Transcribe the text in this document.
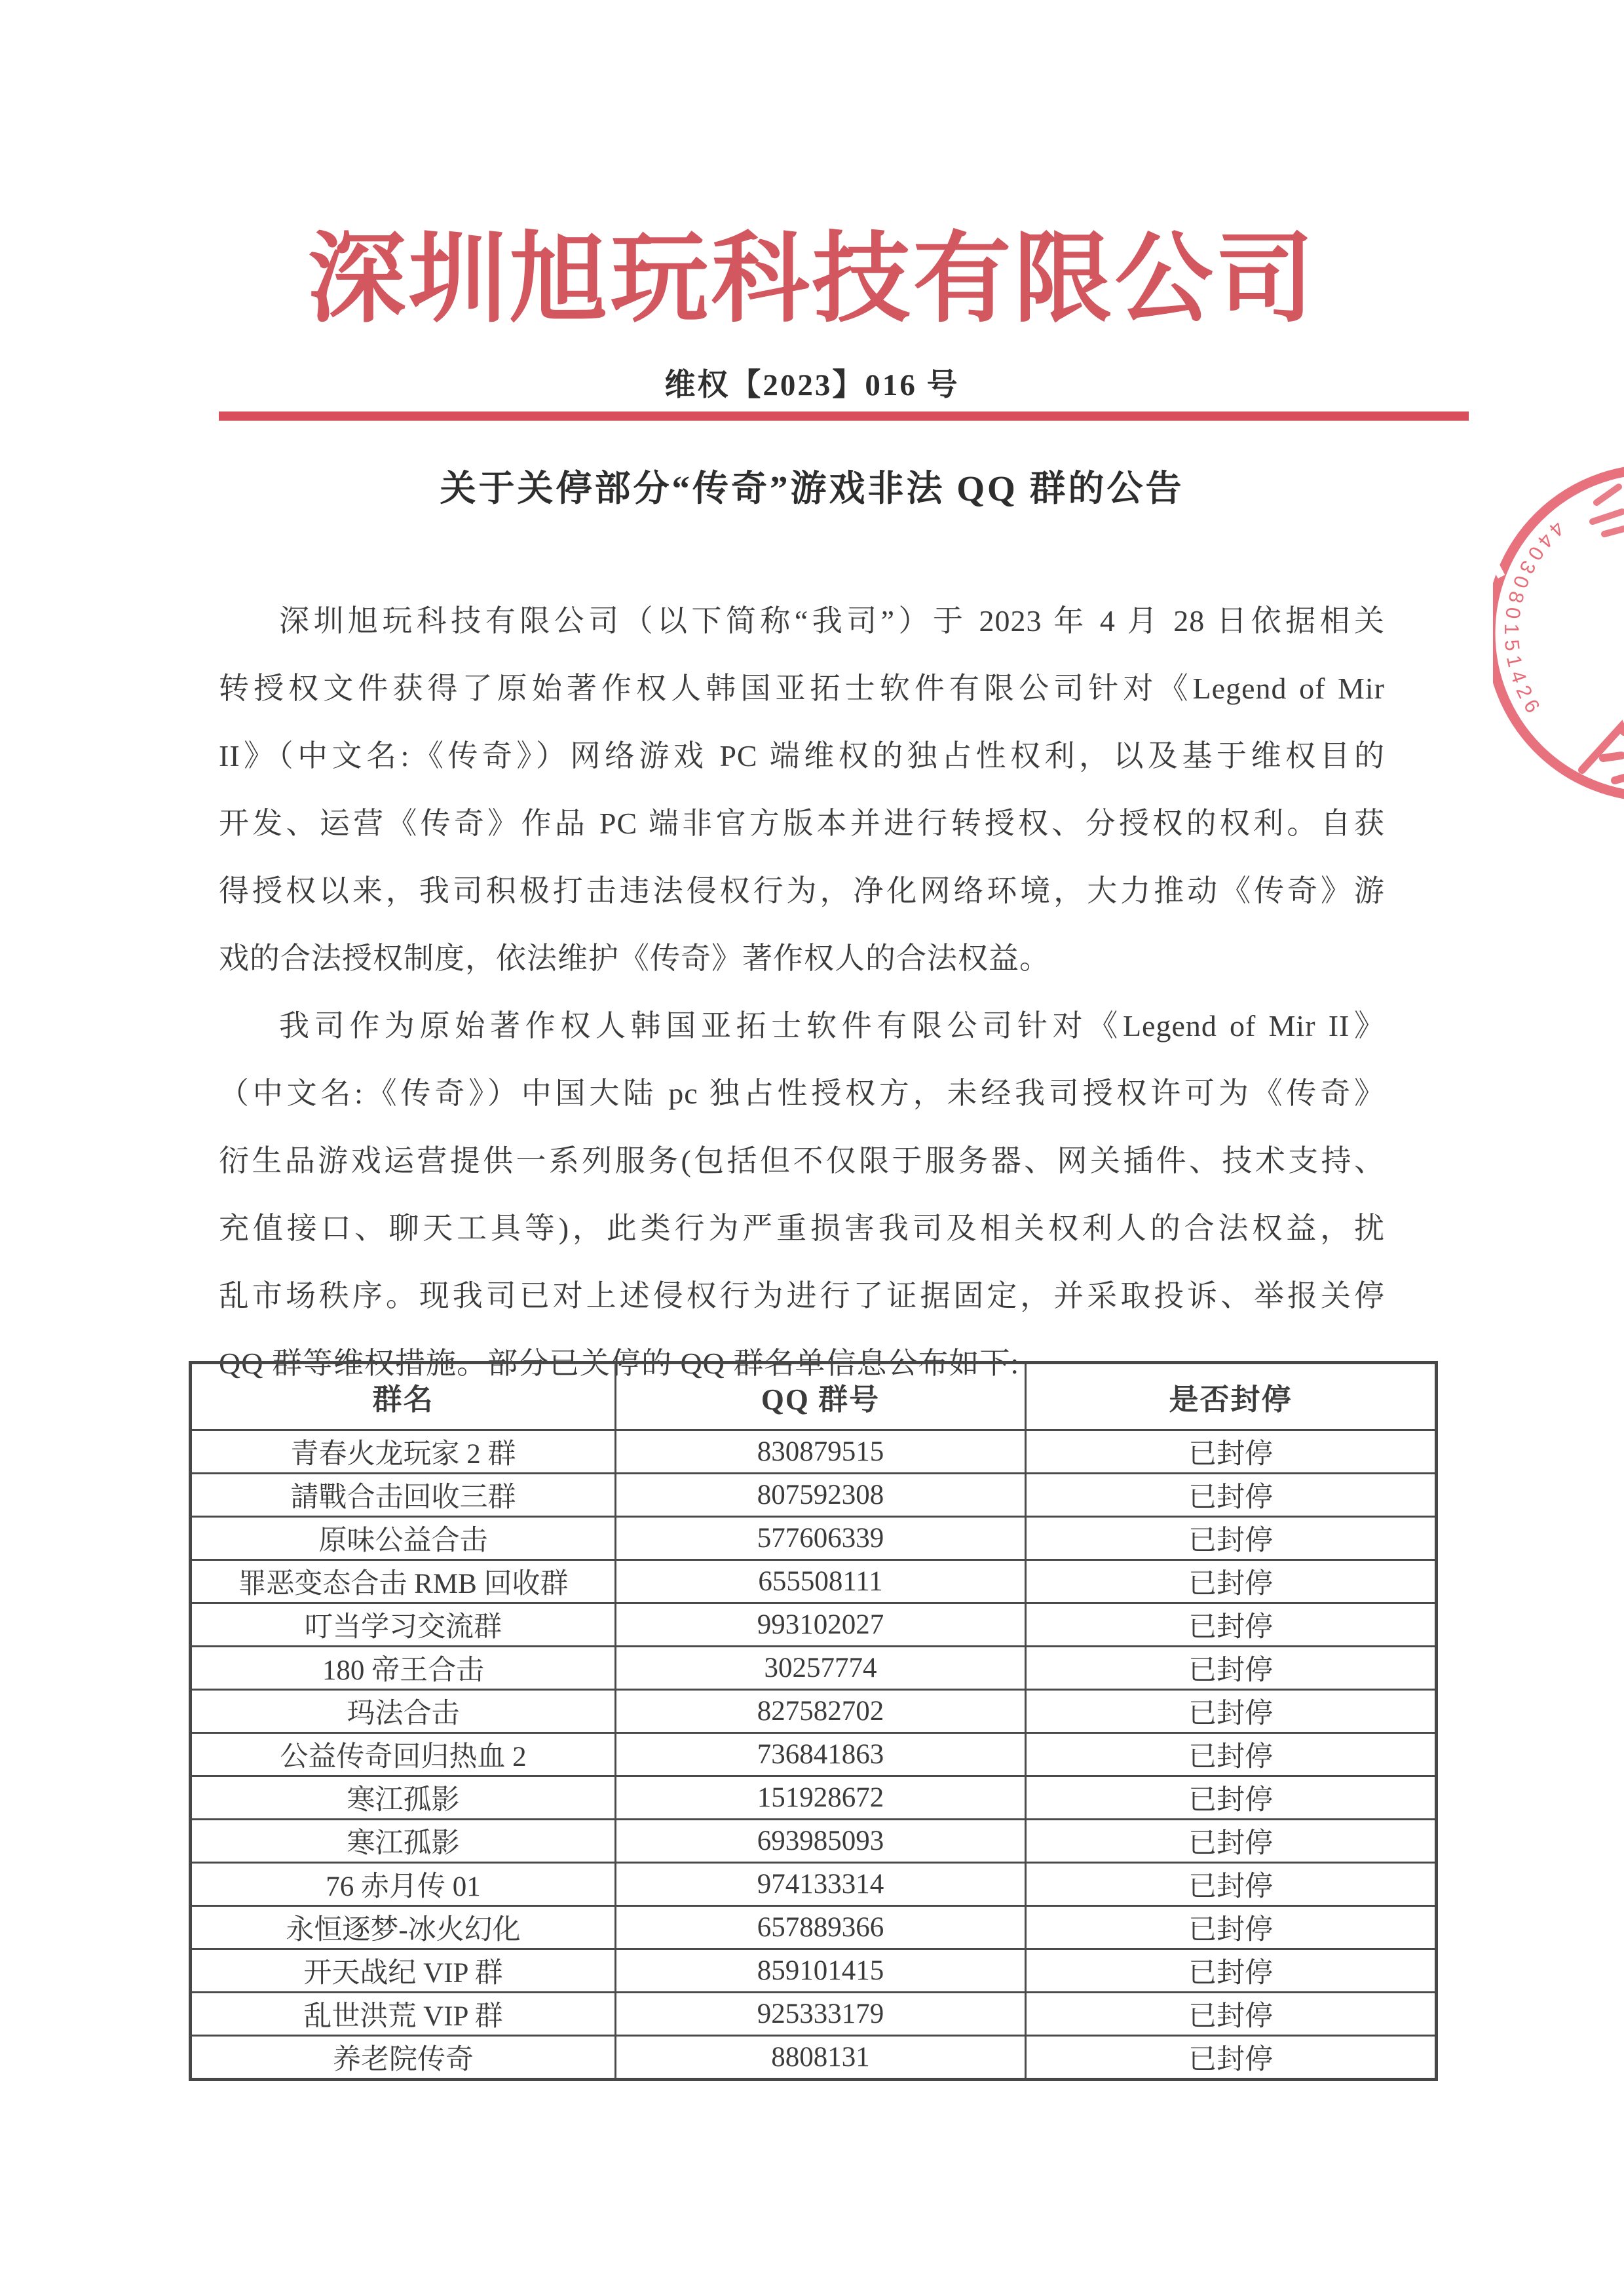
深圳旭玩科技有限公司
维权【2023】016 号
关于关停部分“传奇”游戏非法 QQ 群的公告
深圳旭玩科技有限公司（以下简称“我司”）于 2023 年 4 月 28 日依据相关
转授权文件获得了原始著作权人韩国亚拓士软件有限公司针对《Legend of Mir
II》（中文名:《传奇》）网络游戏 PC 端维权的独占性权利，以及基于维权目的
开发、运营《传奇》作品 PC 端非官方版本并进行转授权、分授权的权利。自获
得授权以来，我司积极打击违法侵权行为，净化网络环境，大力推动《传奇》游
戏的合法授权制度，依法维护《传奇》著作权人的合法权益。
我司作为原始著作权人韩国亚拓士软件有限公司针对《Legend of Mir II》
（中文名:《传奇》）中国大陆 pc 独占性授权方，未经我司授权许可为《传奇》
衍生品游戏运营提供一系列服务(包括但不仅限于服务器、网关插件、技术支持、
充值接口、聊天工具等)，此类行为严重损害我司及相关权利人的合法权益，扰
乱市场秩序。现我司已对上述侵权行为进行了证据固定，并采取投诉、举报关停
QQ 群等维权措施。部分已关停的 QQ 群名单信息公布如下:
群名	QQ 群号	是否封停
青春火龙玩家 2 群	830879515	已封停
請戰合击回收三群	807592308	已封停
原味公益合击	577606339	已封停
罪恶变态合击 RMB 回收群	655508111	已封停
叮当学习交流群	993102027	已封停
180 帝王合击	30257774	已封停
玛法合击	827582702	已封停
公益传奇回归热血 2	736841863	已封停
寒江孤影	151928672	已封停
寒江孤影	693985093	已封停
76 赤月传 01	974133314	已封停
永恒逐梦-冰火幻化	657889366	已封停
开天战纪 VIP 群	859101415	已封停
乱世洪荒 VIP 群	925333179	已封停
养老院传奇	8808131	已封停
4403080151426
